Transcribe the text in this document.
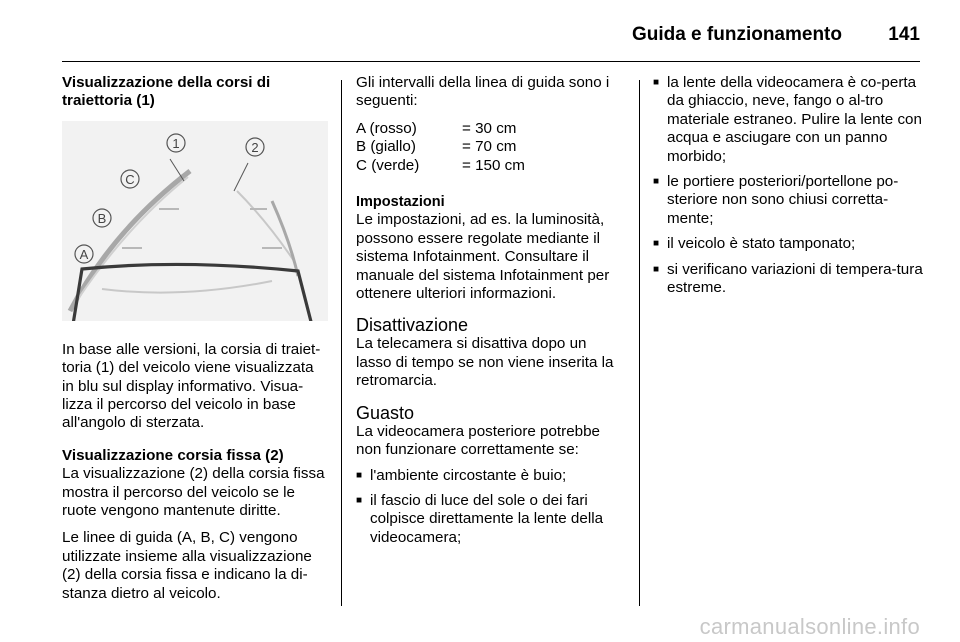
Guida e funzionamento 141

Visualizzazione della corsi di traiettoria (1)

1	2
A
B
C

In base alle versioni, la corsia di traiet-toria (1) del veicolo viene visualizzata in blu sul display informativo. Visua-lizza il percorso del veicolo in base all'angolo di sterzata.

Visualizzazione corsia fissa (2)

La visualizzazione (2) della corsia fissa mostra il percorso del veicolo se le ruote vengono mantenute diritte.

Le linee di guida (A, B, C) vengono utilizzate insieme alla visualizzazione (2) della corsia fissa e indicano la di-stanza dietro al veicolo.

Gli intervalli della linea di guida sono i seguenti:

A (rosso)	= 30 cm
B (giallo)	= 70 cm
C (verde)	= 150 cm

Impostazioni

Le impostazioni, ad es. la luminosità, possono essere regolate mediante il sistema Infotainment. Consultare il manuale del sistema Infotainment per ottenere ulteriori informazioni.

Disattivazione

La telecamera si disattiva dopo un lasso di tempo se non viene inserita la retromarcia.

Guasto

La videocamera posteriore potrebbe non funzionare correttamente se:

■ l'ambiente circostante è buio;
■ il fascio di luce del sole o dei fari colpisce direttamente la lente della videocamera;
■ la lente della videocamera è co-perta da ghiaccio, neve, fango o al-tro materiale estraneo. Pulire la lente con acqua e asciugare con un panno morbido;
■ le portiere posteriori/portellone po-steriore non sono chiusi corretta-mente;
■ il veicolo è stato tamponato;
■ si verificano variazioni di tempera-tura estreme.
carmanualsonline.info
